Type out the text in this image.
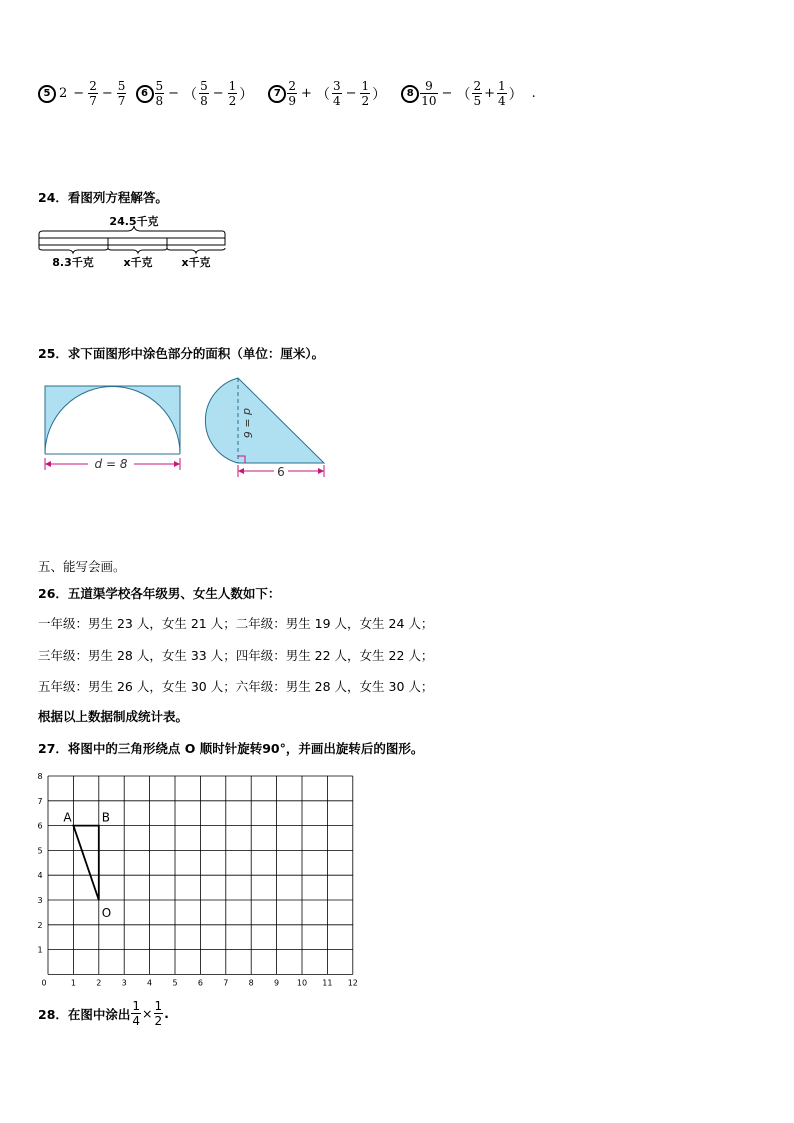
5 $2 - \frac{2}{7} - \frac{5}{7}$
	$6 \frac{5}{8}$ − （ $\frac{5}{8} - \frac{1}{2}$ ）
	$7 \frac{2}{9}$ + （ $\frac{3}{4} - \frac{1}{2}$ ）
	$8 \frac{9}{10}$ − （ $\frac{2}{5} + \frac{1}{4}$ ） .
24．看图列方程解答。
24.5千克
8.3千克	x千克	x千克
25．求下面图形中涂色部分的面积（单位：厘米）。
d = 8
d = 6
6
五、能写会画。
26．五道渠学校各年级男、女生人数如下：
一年级：男生 23 人，女生 21 人；二年级：男生 19 人，女生 24 人；
三年级：男生 28 人，女生 33 人；四年级：男生 22 人，女生 22 人；
五年级：男生 26 人，女生 30 人；六年级：男生 28 人，女生 30 人；
根据以上数据制成统计表。
27．将图中的三角形绕点 O 顺时针旋转90°，并画出旋转后的图形。
0	1	2	3	4	5	6	7	8	9 10 11 12
1
2
3
4
5
6
7
8
A	B
O
28．在图中涂出 $\frac{1}{4} \times \frac{1}{2}$ .
